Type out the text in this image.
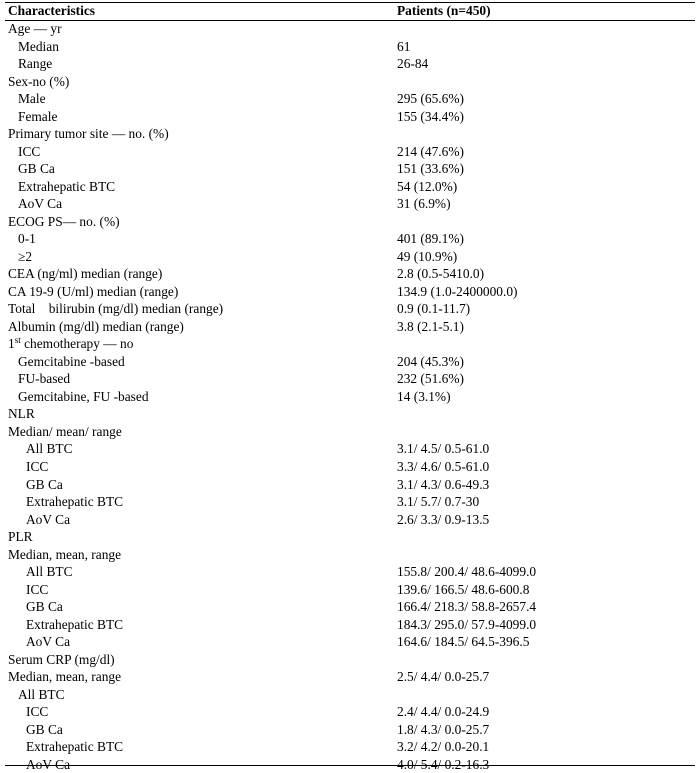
Characteristics	Patients (n=450)
Age — yr
Median	61
Range	26-84
Sex-no (%)
Male	295 (65.6%)
Female	155 (34.4%)
Primary tumor site — no. (%)
ICC	214 (47.6%)
GB Ca	151 (33.6%)
Extrahepatic BTC	54 (12.0%)
AoV Ca	31 (6.9%)
ECOG PS— no. (%)
0-1	401 (89.1%)
≥2	49 (10.9%)
CEA (ng/ml) median (range)	2.8 (0.5-5410.0)
CA 19-9 (U/ml) median (range)	134.9 (1.0-2400000.0)
Total    bilirubin (mg/dl) median (range)	0.9 (0.1-11.7)
Albumin (mg/dl) median (range)	3.8 (2.1-5.1)
1st chemotherapy — no
Gemcitabine -based	204 (45.3%)
FU-based	232 (51.6%)
Gemcitabine, FU -based	14 (3.1%)
NLR
Median/ mean/ range
All BTC	3.1/ 4.5/ 0.5-61.0
ICC	3.3/ 4.6/ 0.5-61.0
GB Ca	3.1/ 4.3/ 0.6-49.3
Extrahepatic BTC	3.1/ 5.7/ 0.7-30
AoV Ca	2.6/ 3.3/ 0.9-13.5
PLR
Median, mean, range
All BTC	155.8/ 200.4/ 48.6-4099.0
ICC	139.6/ 166.5/ 48.6-600.8
GB Ca	166.4/ 218.3/ 58.8-2657.4
Extrahepatic BTC	184.3/ 295.0/ 57.9-4099.0
AoV Ca	164.6/ 184.5/ 64.5-396.5
Serum CRP (mg/dl)
Median, mean, range	2.5/ 4.4/ 0.0-25.7
All BTC
ICC	2.4/ 4.4/ 0.0-24.9
GB Ca	1.8/ 4.3/ 0.0-25.7
Extrahepatic BTC	3.2/ 4.2/ 0.0-20.1
AoV Ca	4.0/ 5.4/ 0.2-16.3
